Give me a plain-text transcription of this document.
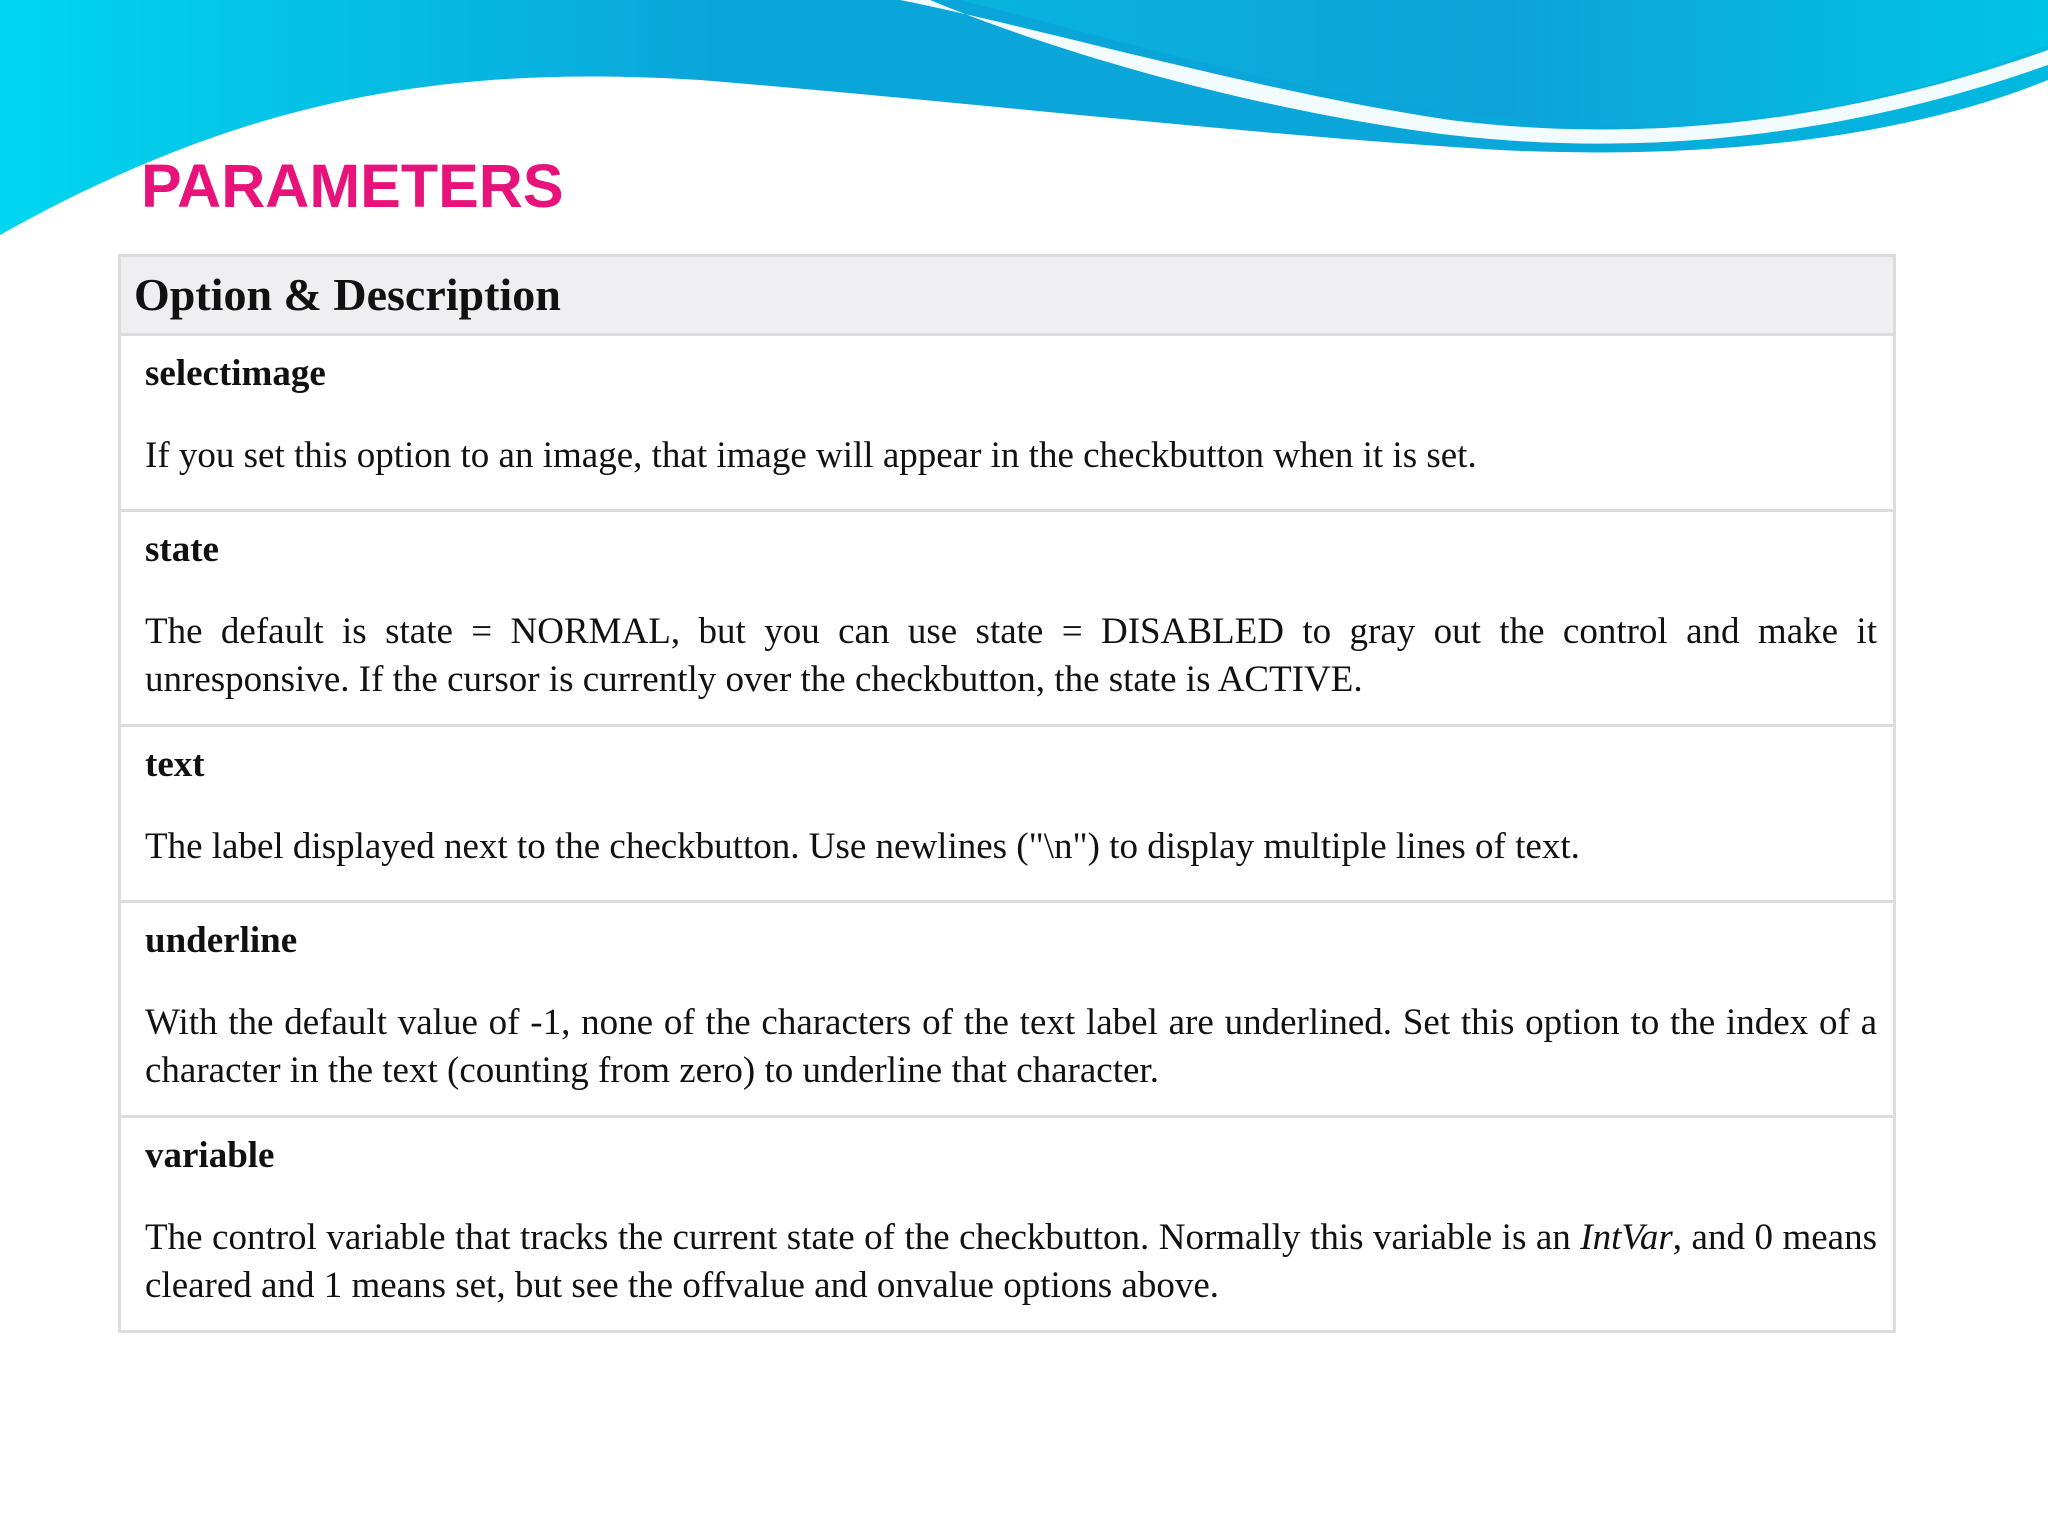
PARAMETERS
Option & Description

selectimage

If you set this option to an image, that image will appear in the checkbutton when it is set.

state

The default is state = NORMAL, but you can use state = DISABLED to gray out the control and make it unresponsive. If the cursor is currently over the checkbutton, the state is ACTIVE.

text

The label displayed next to the checkbutton. Use newlines ("\n") to display multiple lines of text.

underline

With the default value of -1, none of the characters of the text label are underlined. Set this option to the index of a character in the text (counting from zero) to underline that character.

variable

The control variable that tracks the current state of the checkbutton. Normally this variable is an IntVar, and 0 means cleared and 1 means set, but see the offvalue and onvalue options above.
